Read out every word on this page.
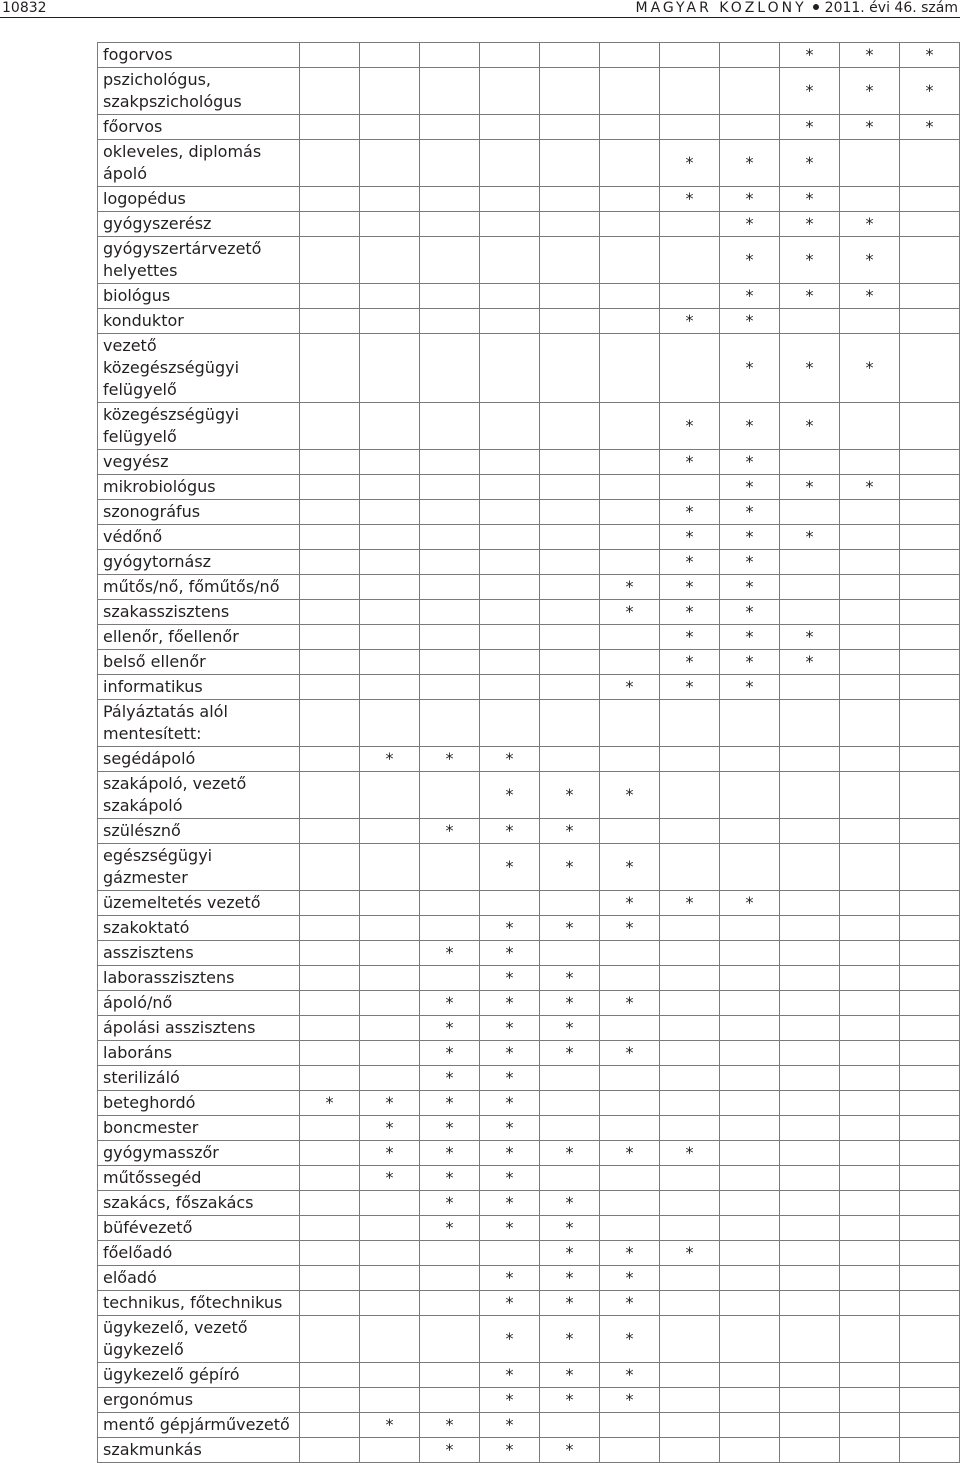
10832	MAGYAR KÖZLÖNY 2011. évi 46. szám
fogorvos									*	*	*
pszichológus, szakpszichológus									*	*	*
főorvos									*	*	*
okleveles, diplomás ápoló							*	*	*		
logopédus							*	*	*		
gyógyszerész								*	*	*	
gyógyszertárvezető helyettes								*	*	*	
biológus								*	*	*	
konduktor							*	*			
vezető közegészségügyi felügyelő								*	*	*	
közegészségügyi felügyelő							*	*	*		
vegyész							*	*			
mikrobiológus								*	*	*	
szonográfus							*	*			
védőnő							*	*	*		
gyógytornász							*	*			
műtős/nő, főműtős/nő						*	*	*			
szakasszisztens						*	*	*			
ellenőr, főellenőr							*	*	*		
belső ellenőr							*	*	*		
informatikus						*	*	*			
Pályáztatás alól mentesített:											
segédápoló		*	*	*							
szakápoló, vezető szakápoló				*	*	*					
szülésznő			*	*	*						
egészségügyi gázmester				*	*	*					
üzemeltetés vezető						*	*	*			
szakoktató				*	*	*					
asszisztens			*	*							
laborasszisztens				*	*						
ápoló/nő			*	*	*	*					
ápolási asszisztens			*	*	*						
laboráns			*	*	*	*					
sterilizáló			*	*							
beteghordó	*	*	*	*							
boncmester		*	*	*							
gyógymasszőr		*	*	*	*	*	*				
műtőssegéd		*	*	*							
szakács, főszakács			*	*	*						
büfévezető			*	*	*						
főelőadó					*	*	*				
előadó				*	*	*					
technikus, főtechnikus				*	*	*					
ügykezelő, vezető ügykezelő				*	*	*					
ügykezelő gépíró				*	*	*					
ergonómus				*	*	*					
mentő gépjárművezető		*	*	*							
szakmunkás			*	*	*						
